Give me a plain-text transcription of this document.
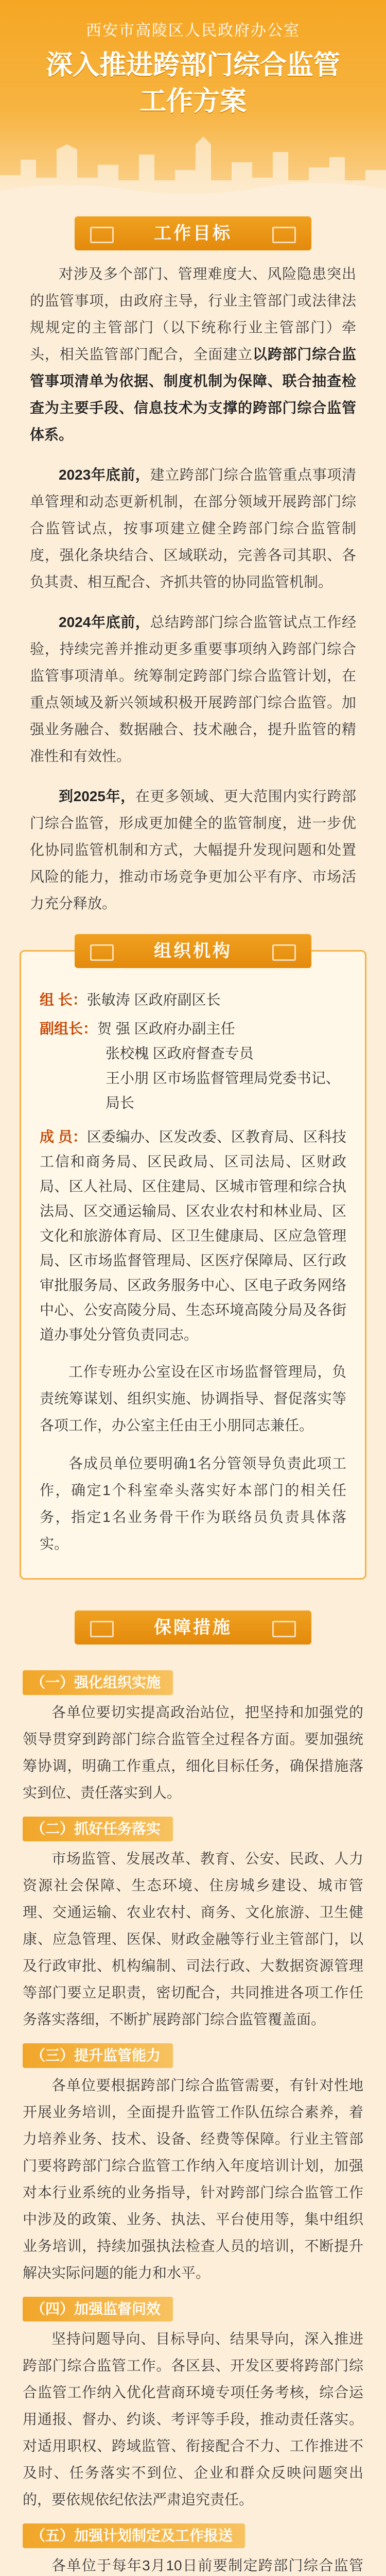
西安市高陵区人民政府办公室
深入推进跨部门综合监管
工作方案
工作目标

对涉及多个部门、管理难度大、风险隐患突出的监管事项，由政府主导，行业主管部门或法律法规规定的主管部门（以下统称行业主管部门）牵头，相关监管部门配合，全面建立以跨部门综合监管事项清单为依据、制度机制为保障、联合抽查检查为主要手段、信息技术为支撑的跨部门综合监管体系。

2023年底前，建立跨部门综合监管重点事项清单管理和动态更新机制，在部分领域开展跨部门综合监管试点，按事项建立健全跨部门综合监管制度，强化条块结合、区域联动，完善各司其职、各负其责、相互配合、齐抓共管的协同监管机制。

2024年底前，总结跨部门综合监管试点工作经验，持续完善并推动更多重要事项纳入跨部门综合监管事项清单。统筹制定跨部门综合监管计划，在重点领域及新兴领域积极开展跨部门综合监管。加强业务融合、数据融合、技术融合，提升监管的精准性和有效性。

到2025年，在更多领域、更大范围内实行跨部门综合监管，形成更加健全的监管制度，进一步优化协同监管机制和方式，大幅提升发现问题和处置风险的能力，推动市场竞争更加公平有序、市场活力充分释放。

组织机构
组 长：张敏涛 区政府副区长
副组长：贺 强 区政府办副主任
张校槐 区政府督查专员
王小朋 区市场监督管理局党委书记、局长
成 员：区委编办、区发改委、区教育局、区科技工信和商务局、区民政局、区司法局、区财政局、区人社局、区住建局、区城市管理和综合执法局、区交通运输局、区农业农村和林业局、区文化和旅游体育局、区卫生健康局、区应急管理局、区市场监督管理局、区医疗保障局、区行政审批服务局、区政务服务中心、区电子政务网络中心、公安高陵分局、生态环境高陵分局及各街道办事处分管负责同志。

工作专班办公室设在区市场监督管理局，负责统筹谋划、组织实施、协调指导、督促落实等各项工作，办公室主任由王小朋同志兼任。

各成员单位要明确1名分管领导负责此项工作，确定1个科室牵头落实好本部门的相关任务，指定1名业务骨干作为联络员负责具体落实。

保障措施
（一）强化组织实施

各单位要切实提高政治站位，把坚持和加强党的领导贯穿到跨部门综合监管全过程各方面。要加强统筹协调，明确工作重点，细化目标任务，确保措施落实到位、责任落实到人。

（二）抓好任务落实

市场监管、发展改革、教育、公安、民政、人力资源社会保障、生态环境、住房城乡建设、城市管理、交通运输、农业农村、商务、文化旅游、卫生健康、应急管理、医保、财政金融等行业主管部门，以及行政审批、机构编制、司法行政、大数据资源管理等部门要立足职责，密切配合，共同推进各项工作任务落实落细，不断扩展跨部门综合监管覆盖面。

（三）提升监管能力

各单位要根据跨部门综合监管需要，有针对性地开展业务培训，全面提升监管工作队伍综合素养，着力培养业务、技术、设备、经费等保障。行业主管部门要将跨部门综合监管工作纳入年度培训计划，加强对本行业系统的业务指导，针对跨部门综合监管工作中涉及的政策、业务、执法、平台使用等，集中组织业务培训，持续加强执法检查人员的培训，不断提升解决实际问题的能力和水平。

（四）加强监督问效

坚持问题导向、目标导向、结果导向，深入推进跨部门综合监管工作。各区县、开发区要将跨部门综合监管工作纳入优化营商环境专项任务考核，综合运用通报、督办、约谈、考评等手段，推动责任落实。对适用职权、跨域监管、衔接配合不力、工作推进不及时、任务落实不到位、企业和群众反映问题突出的，要依规依纪依法严肃追究责任。

（五）加强计划制定及工作报送

各单位于每年3月10日前要制定跨部门综合监管
